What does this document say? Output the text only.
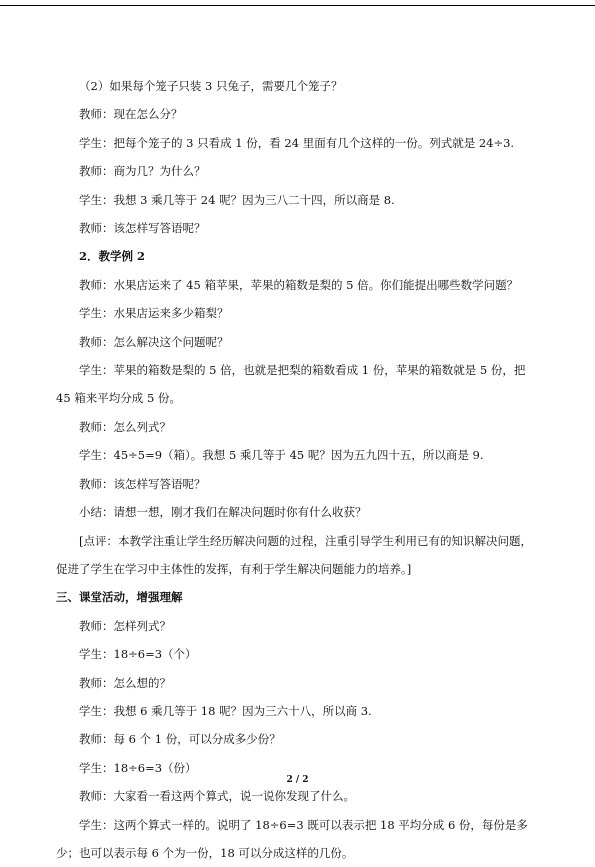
（2）如果每个笼子只装 3 只兔子，需要几个笼子？

教师：现在怎么分？

学生：把每个笼子的 3 只看成 1 份，看 24 里面有几个这样的一份。列式就是 24÷3.

教师：商为几？为什么？

学生：我想 3 乘几等于 24 呢？因为三八二十四，所以商是 8.

教师：该怎样写答语呢？

2．教学例 2

教师：水果店运来了 45 箱苹果，苹果的箱数是梨的 5 倍。你们能提出哪些数学问题？

学生：水果店运来多少箱梨？

教师：怎么解决这个问题呢？

学生：苹果的箱数是梨的 5 倍，也就是把梨的箱数看成 1 份，苹果的箱数就是 5 份，把 45 箱来平均分成 5 份。

教师：怎么列式？

学生：45÷5=9（箱）。我想 5 乘几等于 45 呢？因为五九四十五，所以商是 9.

教师：该怎样写答语呢？

小结：请想一想，刚才我们在解决问题时你有什么收获？

[点评：本教学注重让学生经历解决问题的过程，注重引导学生利用已有的知识解决问题，促进了学生在学习中主体性的发挥，有利于学生解决问题能力的培养。]

三、课堂活动，增强理解

教师：怎样列式？

学生：18÷6=3（个）

教师：怎么想的？

学生：我想 6 乘几等于 18 呢？因为三六十八，所以商 3.

教师：每 6 个 1 份，可以分成多少份？

学生：18÷6=3（份）

教师：大家看一看这两个算式，说一说你发现了什么。

学生：这两个算式一样的。说明了 18÷6=3 既可以表示把 18 平均分成 6 份，每份是多少；也可以表示每 6 个为一份，18 可以分成这样的几份。

2 / 2
